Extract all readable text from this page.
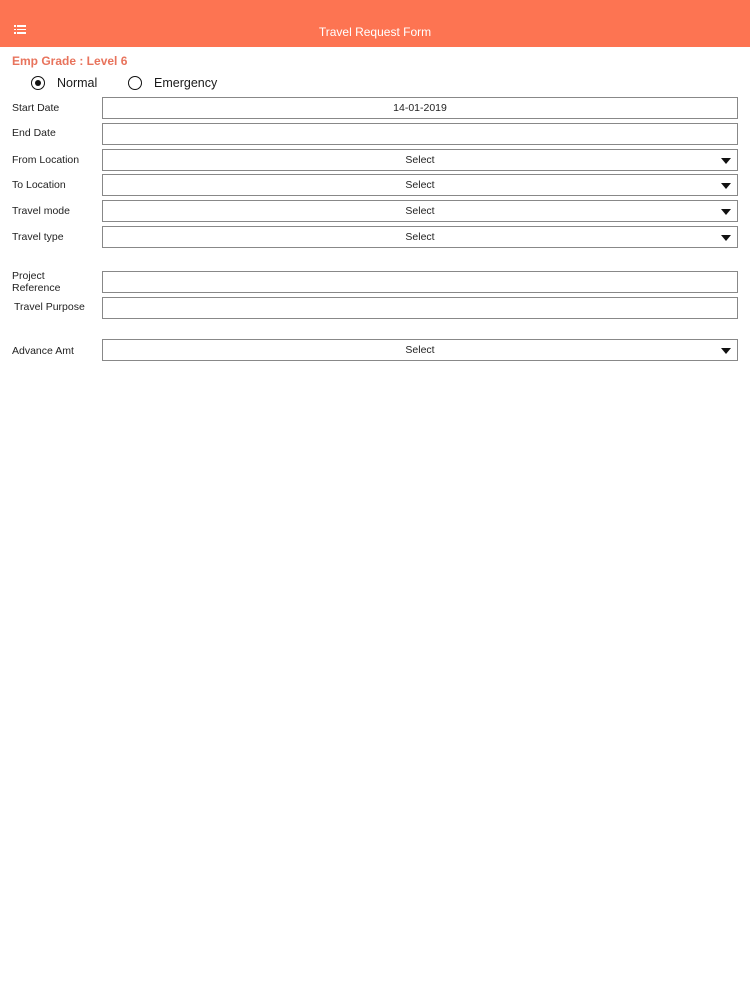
Travel Request Form
Emp Grade : Level 6
Normal	Emergency
Start Date	14-01-2019
End Date
From Location	Select
To Location	Select
Travel mode	Select
Travel type	Select
Project
Reference
Travel Purpose
Advance Amt	Select
